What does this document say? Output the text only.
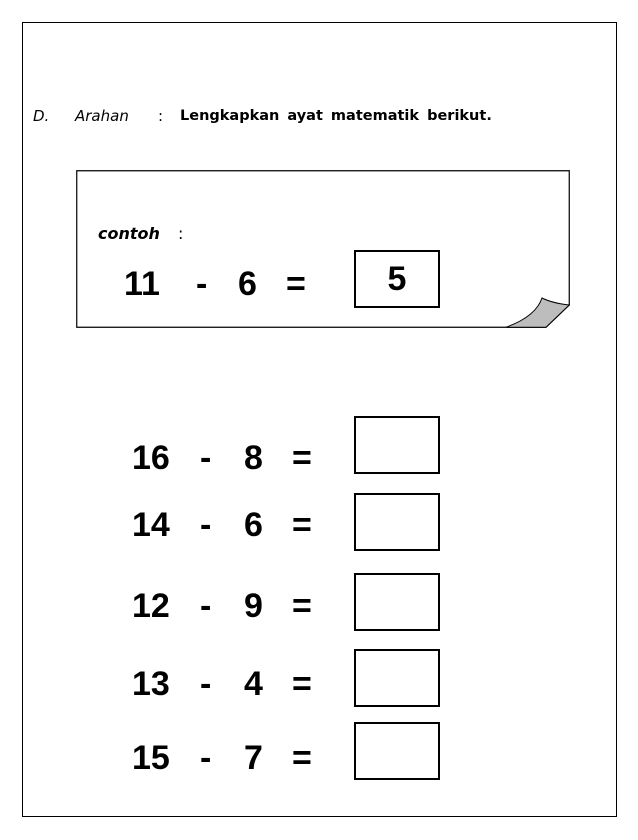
D. Arahan : Lengkapkan ayat matematik berikut.
contoh :
11 - 6 = 5
16 - 8 =
14 - 6 =
12 - 9 =
13 - 4 =
15 - 7 =
